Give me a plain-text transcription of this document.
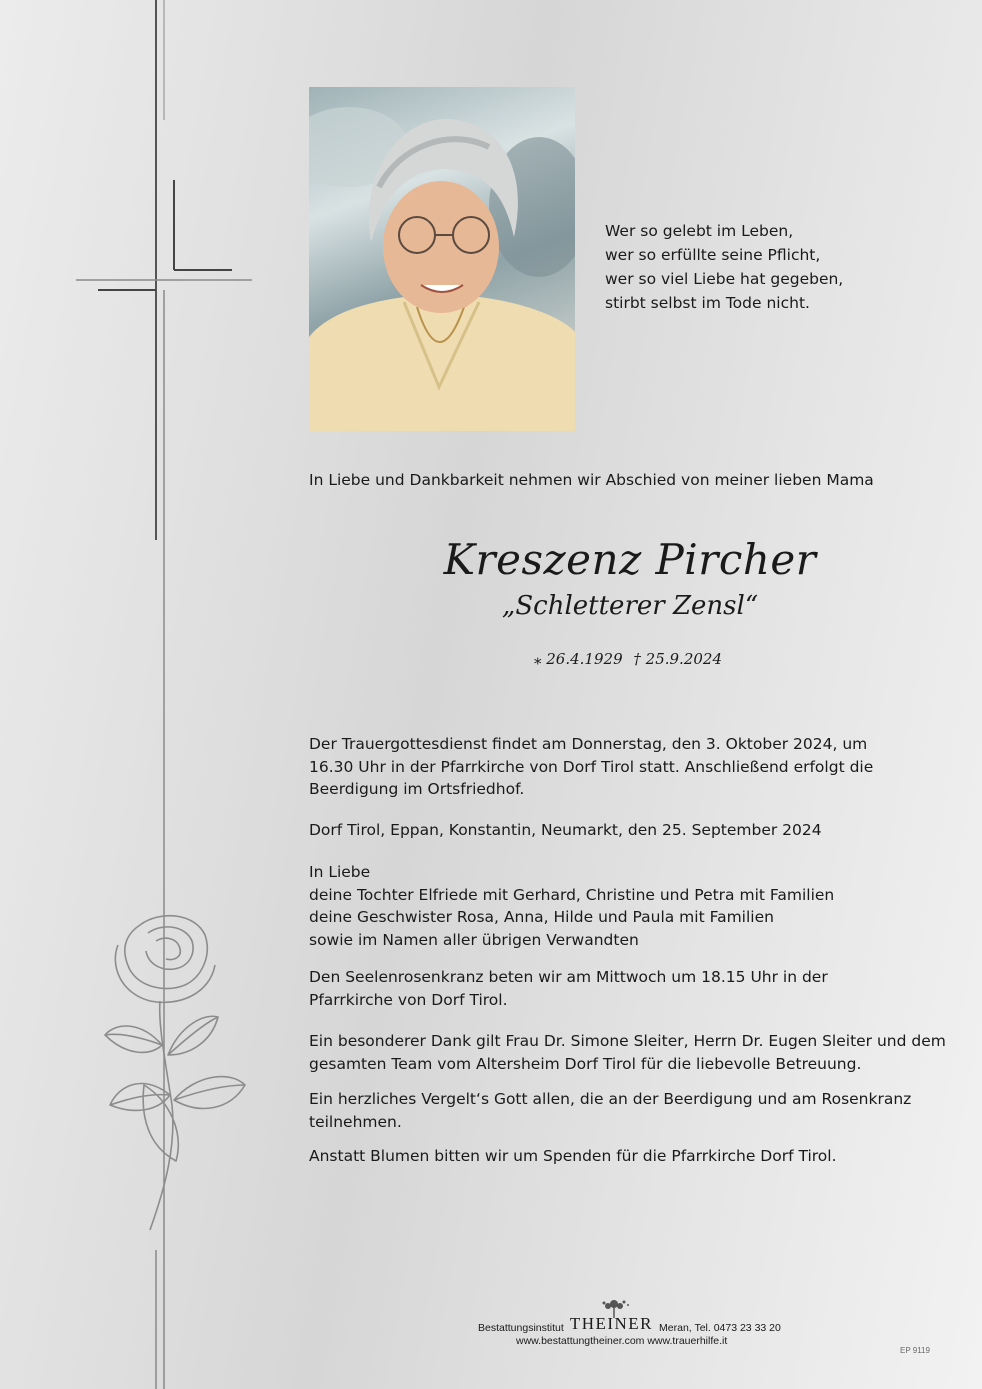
Wer so gelebt im Leben,
wer so erfüllte seine Pflicht,
wer so viel Liebe hat gegeben,
stirbt selbst im Tode nicht.
In Liebe und Dankbarkeit nehmen wir Abschied von meiner lieben Mama
Kreszenz Pircher
„Schletterer Zensl“
⁎ 26.4.1929 † 25.9.2024
Der Trauergottesdienst findet am Donnerstag, den 3. Oktober 2024, um
16.30 Uhr in der Pfarrkirche von Dorf Tirol statt. Anschließend erfolgt die
Beerdigung im Ortsfriedhof.
Dorf Tirol, Eppan, Konstantin, Neumarkt, den 25. September 2024
In Liebe
deine Tochter Elfriede mit Gerhard, Christine und Petra mit Familien
deine Geschwister Rosa, Anna, Hilde und Paula mit Familien
sowie im Namen aller übrigen Verwandten
Den Seelenrosenkranz beten wir am Mittwoch um 18.15 Uhr in der
Pfarrkirche von Dorf Tirol.
Ein besonderer Dank gilt Frau Dr. Simone Sleiter, Herrn Dr. Eugen Sleiter und dem
gesamten Team vom Altersheim Dorf Tirol für die liebevolle Betreuung.
Ein herzliches Vergelt‘s Gott allen, die an der Beerdigung und am Rosenkranz
teilnehmen.
Anstatt Blumen bitten wir um Spenden für die Pfarrkirche Dorf Tirol.
Bestattungsinstitut THEINER Meran, Tel. 0473 23 33 20
www.bestattungtheiner.com www.trauerhilfe.it
EP 9119
